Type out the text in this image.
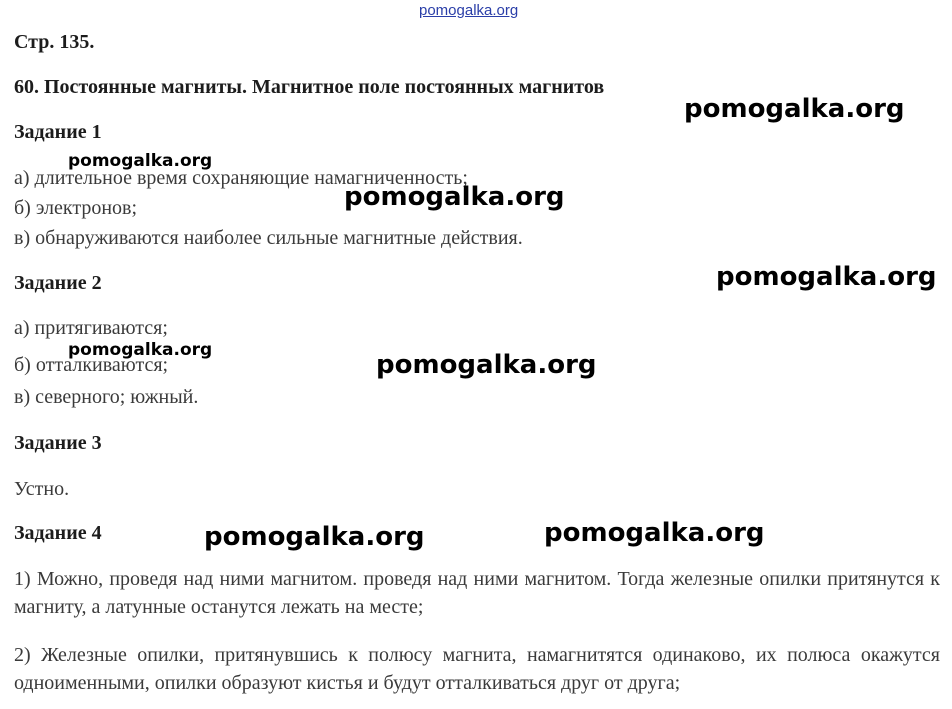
pomogalka.org
Стр. 135.
60. Постоянные магниты. Магнитное поле постоянных магнитов
Задание 1
а) длительное время сохраняющие намагниченность;
б) электронов;
в) обнаруживаются наиболее сильные магнитные действия.
Задание 2
а) притягиваются;
б) отталкиваются;
в) северного; южный.
Задание 3
Устно.
Задание 4
1) Можно, проведя над ними магнитом. проведя над ними магнитом. Тогда железные опилки притянутся к магниту, а латунные останутся лежать на месте;
2) Железные опилки, притянувшись к полюсу магнита, намагнитятся одинаково, их полюса окажутся одноименными, опилки образуют кистья и будут отталкиваться друг от друга;
pomogalka.org
pomogalka.org
pomogalka.org
pomogalka.org
pomogalka.org	pomogalka.org
pomogalka.org	pomogalka.org
